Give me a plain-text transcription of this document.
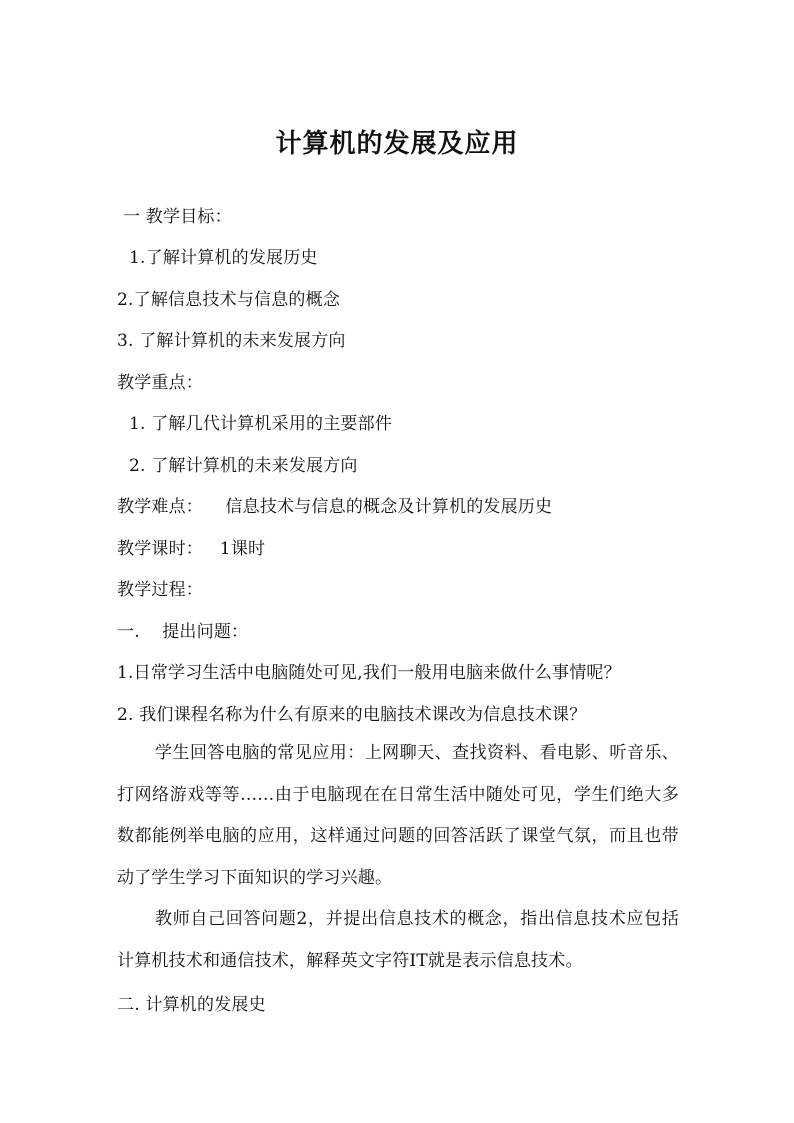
计算机的发展及应用
一 教学目标：
1.了解计算机的发展历史
2.了解信息技术与信息的概念
3. 了解计算机的未来发展方向
教学重点：
1. 了解几代计算机采用的主要部件
2. 了解计算机的未来发展方向
教学难点：    信息技术与信息的概念及计算机的发展历史
教学课时：   1课时
教学过程：
一.    提出问题：
1.日常学习生活中电脑随处可见,我们一般用电脑来做什么事情呢？
2. 我们课程名称为什么有原来的电脑技术课改为信息技术课？
学生回答电脑的常见应用：上网聊天、查找资料、看电影、听音乐、打网络游戏等等……由于电脑现在在日常生活中随处可见，学生们绝大多数都能例举电脑的应用，这样通过问题的回答活跃了课堂气氛，而且也带动了学生学习下面知识的学习兴趣。
教师自己回答问题2，并提出信息技术的概念，指出信息技术应包括计算机技术和通信技术，解释英文字符IT就是表示信息技术。
二. 计算机的发展史
